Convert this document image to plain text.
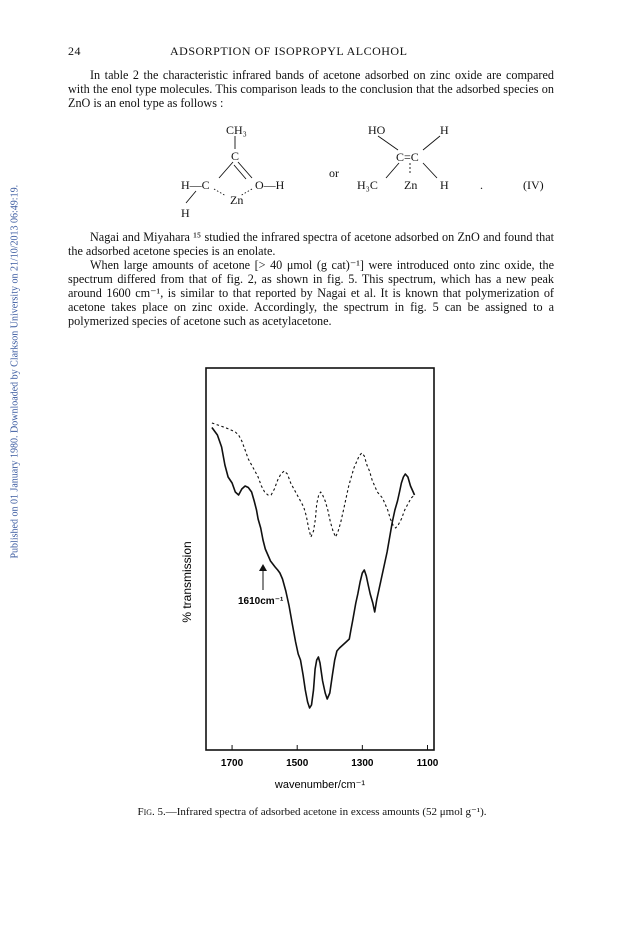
Published on 01 January 1980. Downloaded by Clarkson University on 21/10/2013 06:49:19.
24	ADSORPTION OF ISOPROPYL ALCOHOL
In table 2 the characteristic infrared bands of acetone adsorbed on zinc oxide are compared with the enol type molecules. This comparison leads to the conclusion that the adsorbed species on ZnO is an enol type as follows :
CH₃
C
H—C	O—H
Zn
H
or
HO	H
C=C
H₃C Zn H	.	(IV)
Nagai and Miyahara ¹⁵ studied the infrared spectra of acetone adsorbed on ZnO and found that the adsorbed acetone species is an enolate.
When large amounts of acetone [> 40 μmol (g cat)⁻¹] were introduced onto zinc oxide, the spectrum differed from that of fig. 2, as shown in fig. 5. This spectrum, which has a new peak around 1600 cm⁻¹, is similar to that reported by Nagai et al. It is known that polymerization of acetone takes place on zinc oxide. Accordingly, the spectrum in fig. 5 can be assigned to a polymerized species of acetone such as acetylacetone.
1700	1500	1300	1100
% transmission
wavenumber/cm⁻¹
1610cm⁻¹
Fig. 5.—Infrared spectra of adsorbed acetone in excess amounts (52 μmol g⁻¹).
